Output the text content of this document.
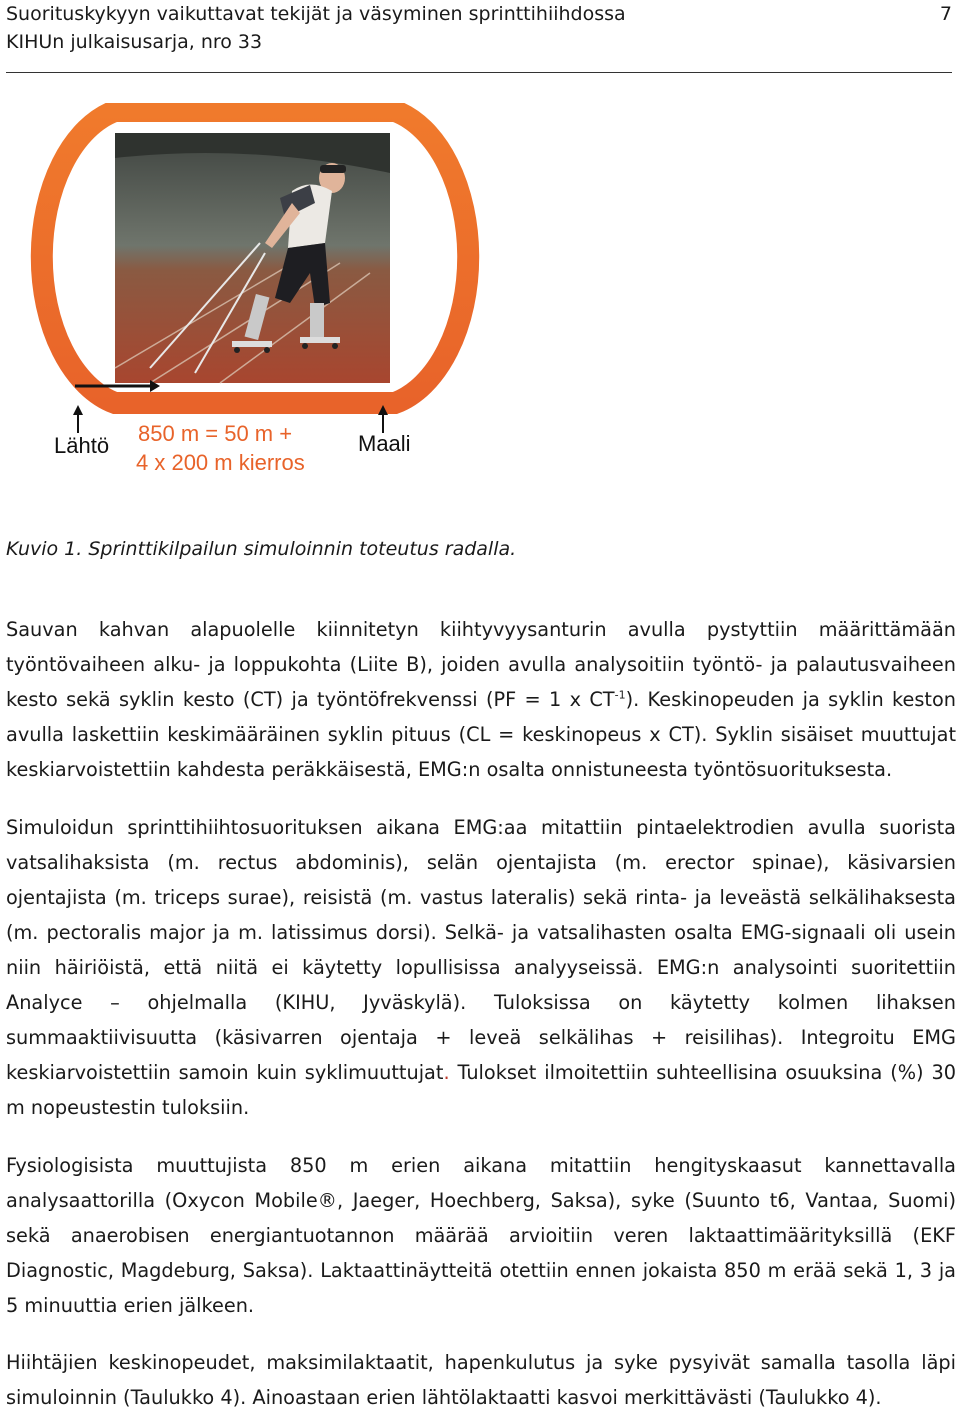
Suorituskykyyn vaikuttavat tekijät ja väsyminen sprinttihiihdossa
KIHUn julkaisusarja, nro 33
7
Lähtö	Maali
850 m = 50 m +
4 x 200 m kierros
Kuvio 1. Sprinttikilpailun simuloinnin toteutus radalla.
Sauvan kahvan alapuolelle kiinnitetyn kiihtyvyysanturin avulla pystyttiin määrittämään työntövaiheen alku- ja loppukohta (Liite B), joiden avulla analysoitiin työntö- ja palautusvaiheen kesto sekä syklin kesto (CT) ja työntöfrekvenssi (PF = 1 x $CT^{-1}$). Keskinopeuden ja syklin keston avulla laskettiin keskimääräinen syklin pituus (CL = keskinopeus x CT). Syklin sisäiset muuttujat keskiarvoistettiin kahdesta peräkkäisestä, EMG:n osalta onnistuneesta työntösuorituksesta.
Simuloidun sprinttihiihtosuorituksen aikana EMG:aa mitattiin pintaelektrodien avulla suorista vatsalihaksista (m. rectus abdominis), selän ojentajista (m. erector spinae), käsivarsien ojentajista (m. triceps surae), reisistä (m. vastus lateralis) sekä rinta- ja leveästä selkälihaksesta (m. pectoralis major ja m. latissimus dorsi). Selkä- ja vatsalihasten osalta EMG-signaali oli usein niin häiriöistä, että niitä ei käytetty lopullisissa analyyseissä. EMG:n analysointi suoritettiin Analyce – ohjelmalla (KIHU, Jyväskylä). Tuloksissa on käytetty kolmen lihaksen summaaktiivisuutta (käsivarren ojentaja + leveä selkälihas + reisilihas). Integroitu EMG keskiarvoistettiin samoin kuin syklimuuttujat. Tulokset ilmoitettiin suhteellisina osuuksina (%) 30 m nopeustestin tuloksiin.
Fysiologisista muuttujista 850 m erien aikana mitattiin hengityskaasut kannettavalla analysaattorilla (Oxycon Mobile®, Jaeger, Hoechberg, Saksa), syke (Suunto t6, Vantaa, Suomi) sekä anaerobisen energiantuotannon määrää arvioitiin veren laktaattimäärityksillä (EKF Diagnostic, Magdeburg, Saksa). Laktaattinäytteitä otettiin ennen jokaista 850 m erää sekä 1, 3 ja 5 minuuttia erien jälkeen.
Hiihtäjien keskinopeudet, maksimilaktaatit, hapenkulutus ja syke pysyivät samalla tasolla läpi simuloinnin (Taulukko 4). Ainoastaan erien lähtölaktaatti kasvoi merkittävästi (Taulukko 4).
